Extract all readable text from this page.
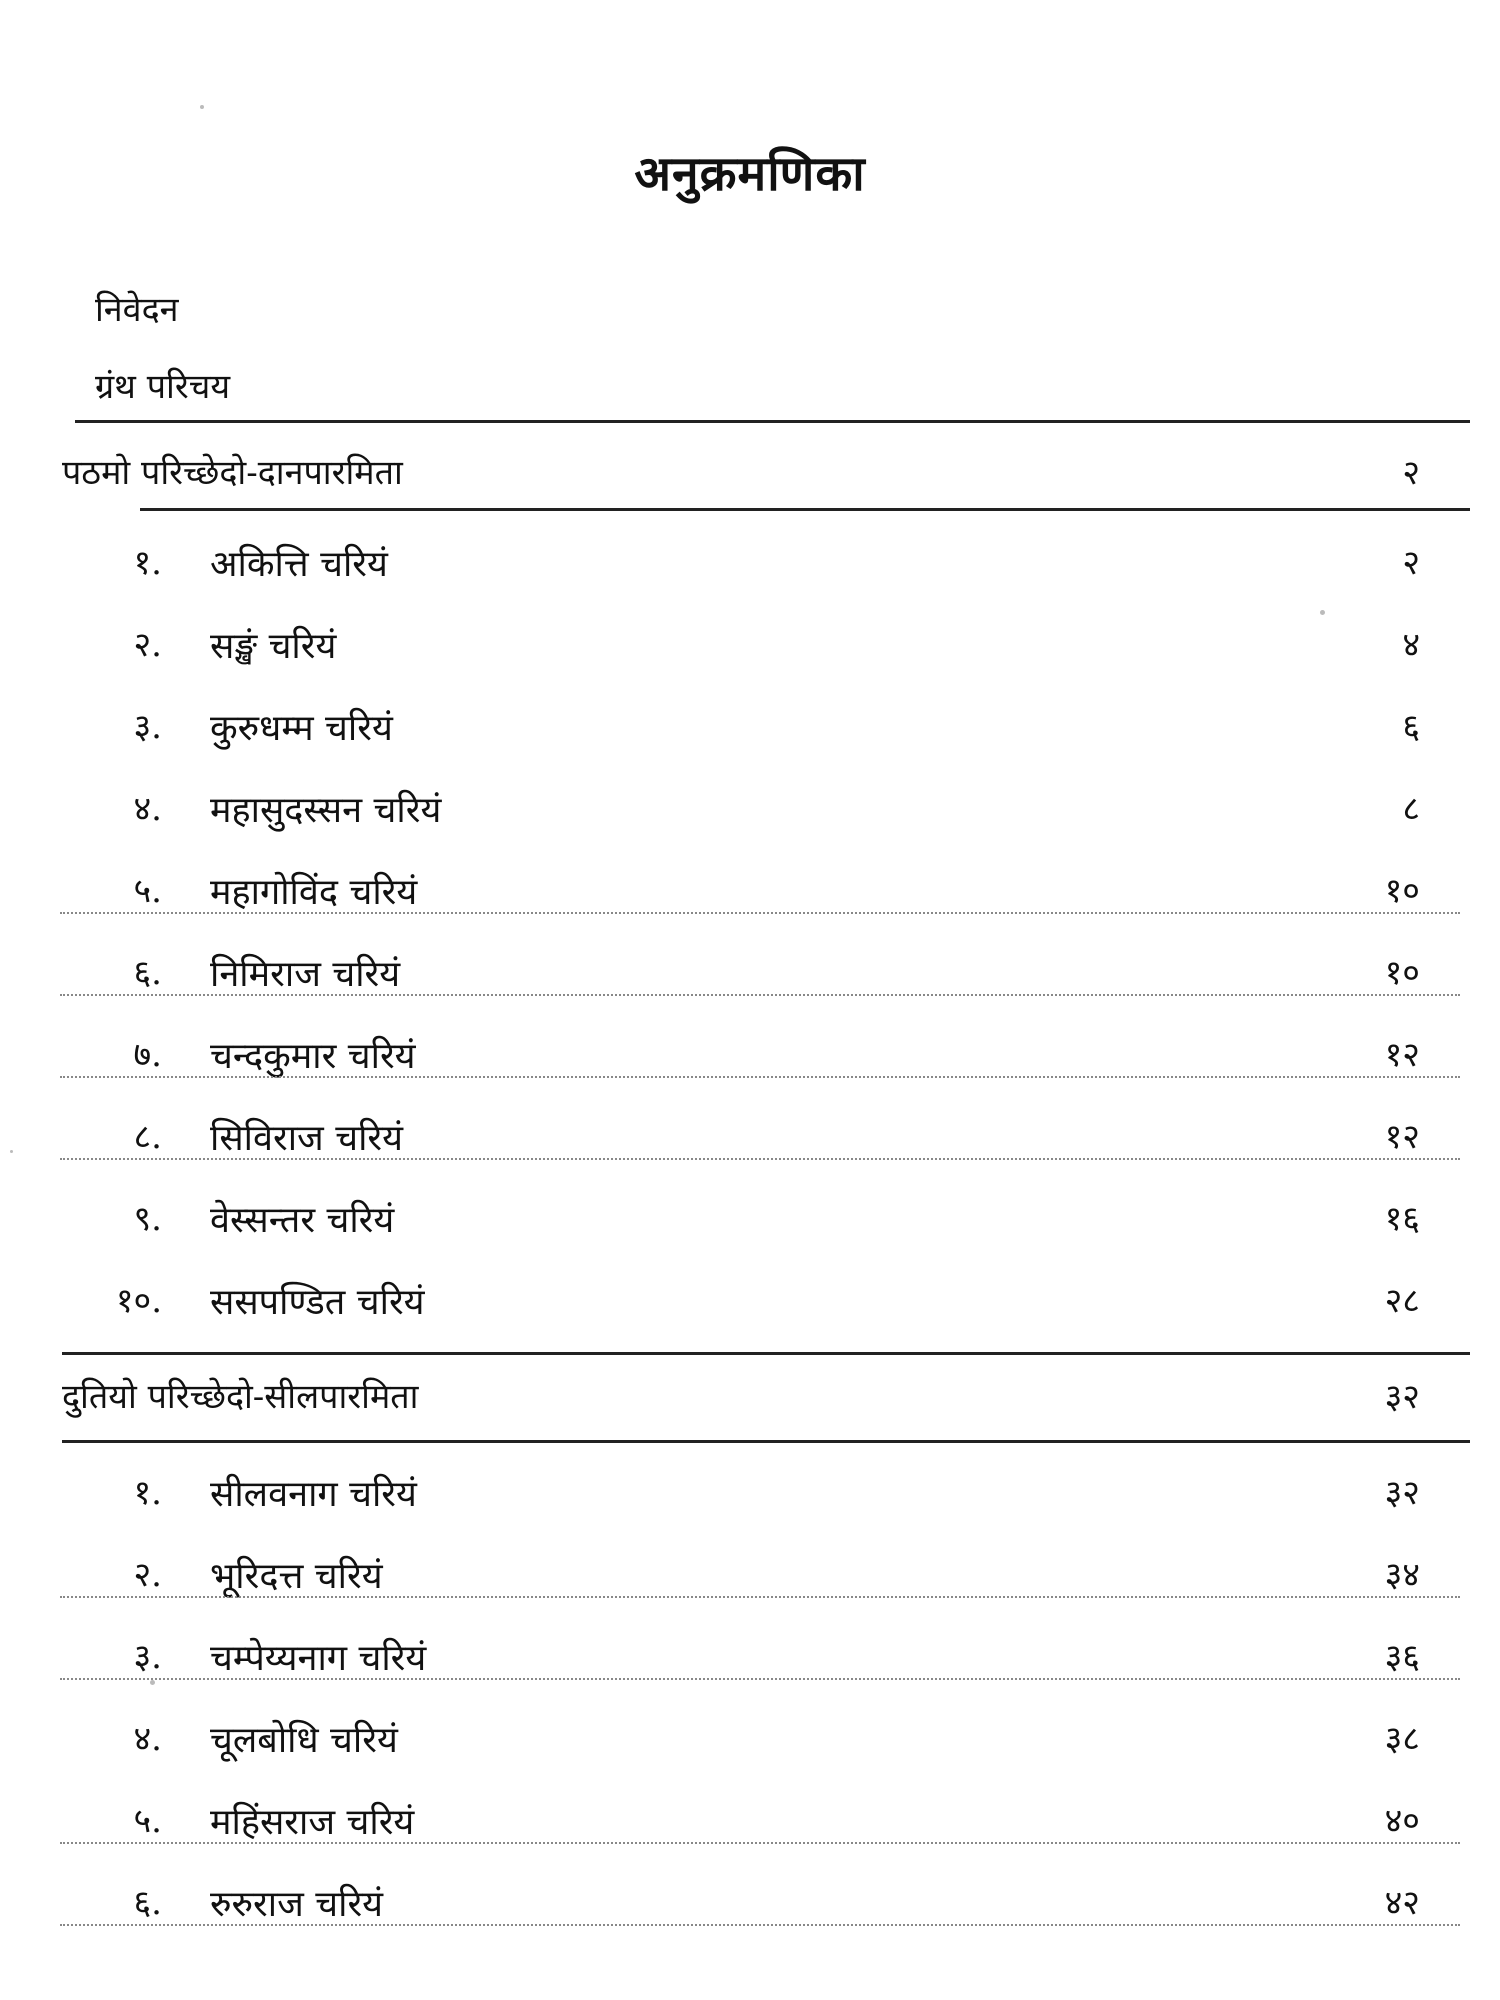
अनुक्रमणिका
निवेदन
ग्रंथ परिचय
पठमो परिच्छेदो-दानपारमिता	२
१. अकित्ति चरियं	२
२. सङ्खं चरियं	४
३. कुरुधम्म चरियं	६
४. महासुदस्सन चरियं	८
५. महागोविंद चरियं	१०
६. निमिराज चरियं	१०
७. चन्दकुमार चरियं	१२
८. सिविराज चरियं	१२
९. वेस्सन्तर चरियं	१६
१०. ससपण्डित चरियं	२८
दुतियो परिच्छेदो-सीलपारमिता	३२
१. सीलवनाग चरियं	३२
२. भूरिदत्त चरियं	३४
३. चम्पेय्यनाग चरियं	३६
४. चूलबोधि चरियं	३८
५. महिंसराज चरियं	४०
६. रुरुराज चरियं	४२
